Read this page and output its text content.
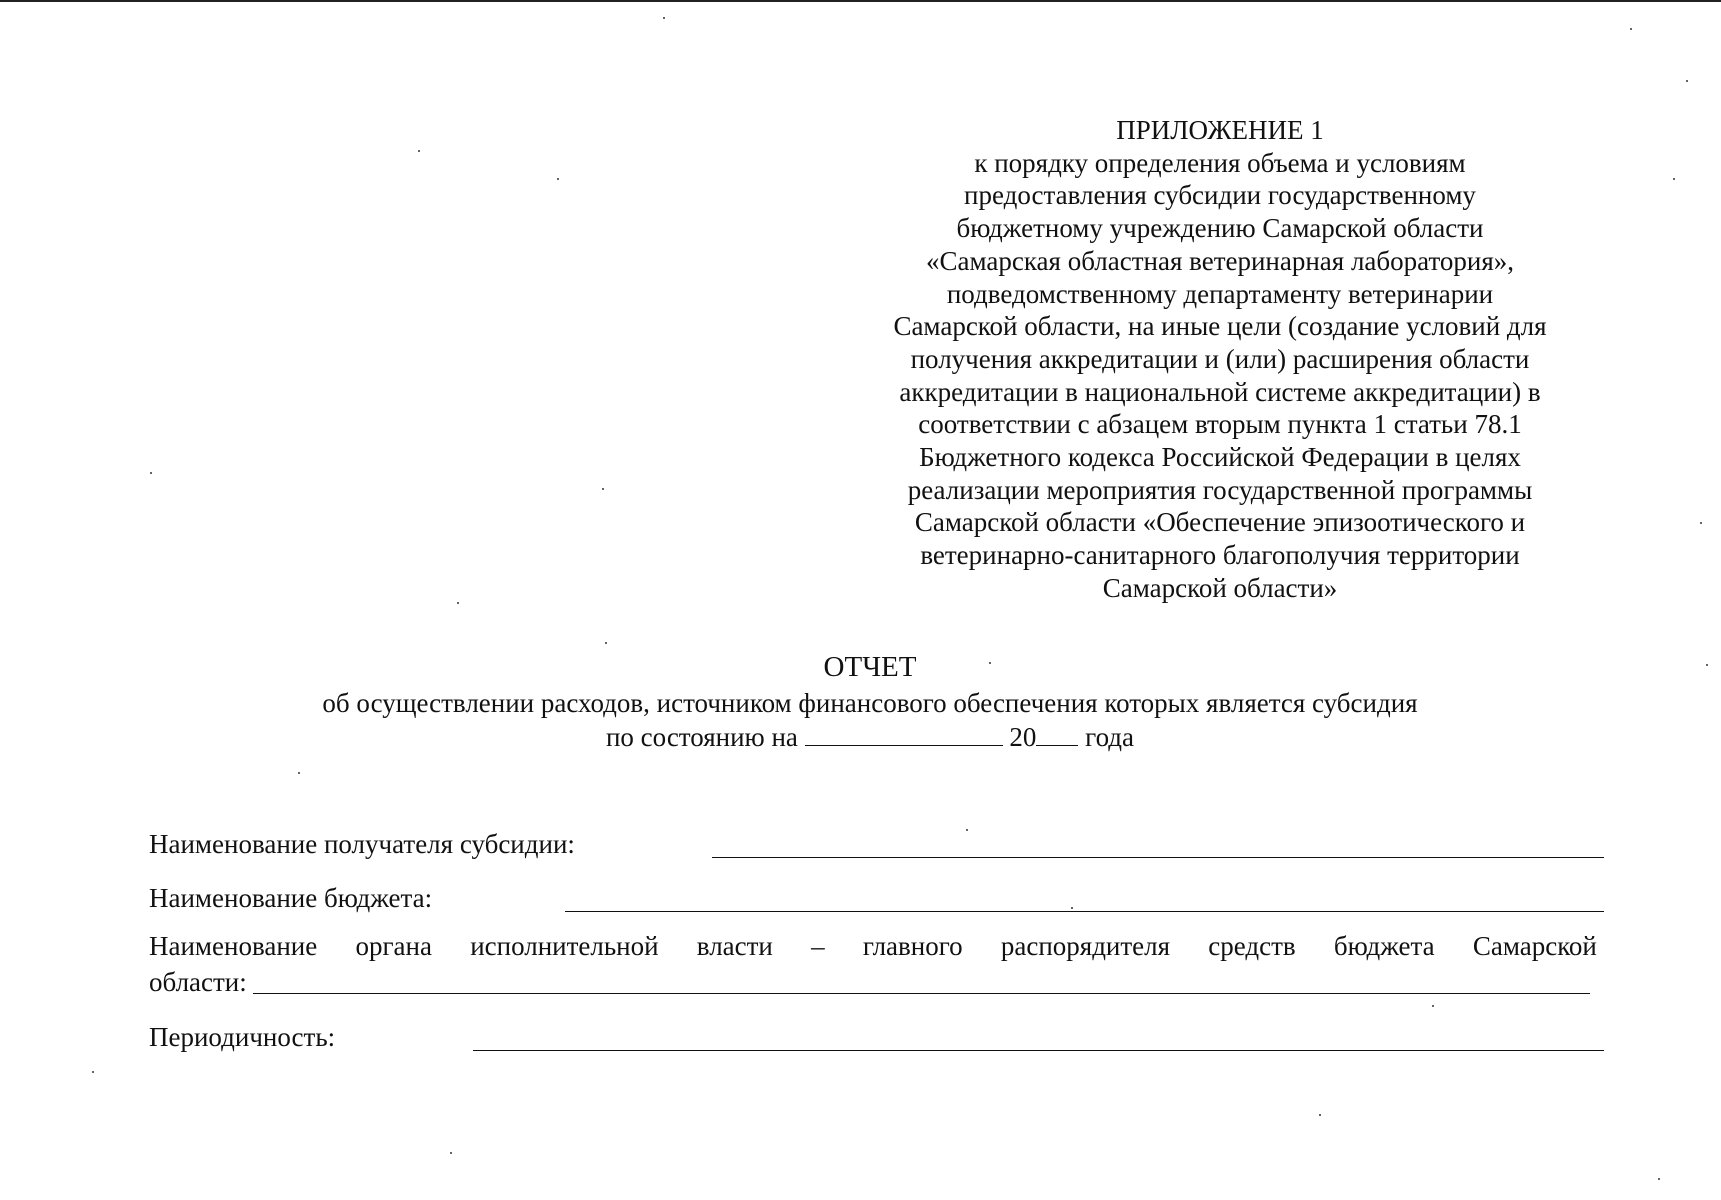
ПРИЛОЖЕНИЕ 1
к порядку определения объема и условиям
предоставления субсидии государственному
бюджетному учреждению Самарской области
«Самарская областная ветеринарная лаборатория»,
подведомственному департаменту ветеринарии
Самарской области, на иные цели (создание условий для
получения аккредитации и (или) расширения области
аккредитации в национальной системе аккредитации) в
соответствии с абзацем вторым пункта 1 статьи 78.1
Бюджетного кодекса Российской Федерации в целях
реализации мероприятия государственной программы
Самарской области «Обеспечение эпизоотического и
ветеринарно-санитарного благополучия территории
Самарской области»
ОТЧЕТ
об осуществлении расходов, источником финансового обеспечения которых является субсидия
по состоянию на	20 года
Наименование получателя субсидии:
Наименование бюджета:
Наименование органа исполнительной власти – главного распорядителя средств бюджета Самарской
области:
Периодичность:
